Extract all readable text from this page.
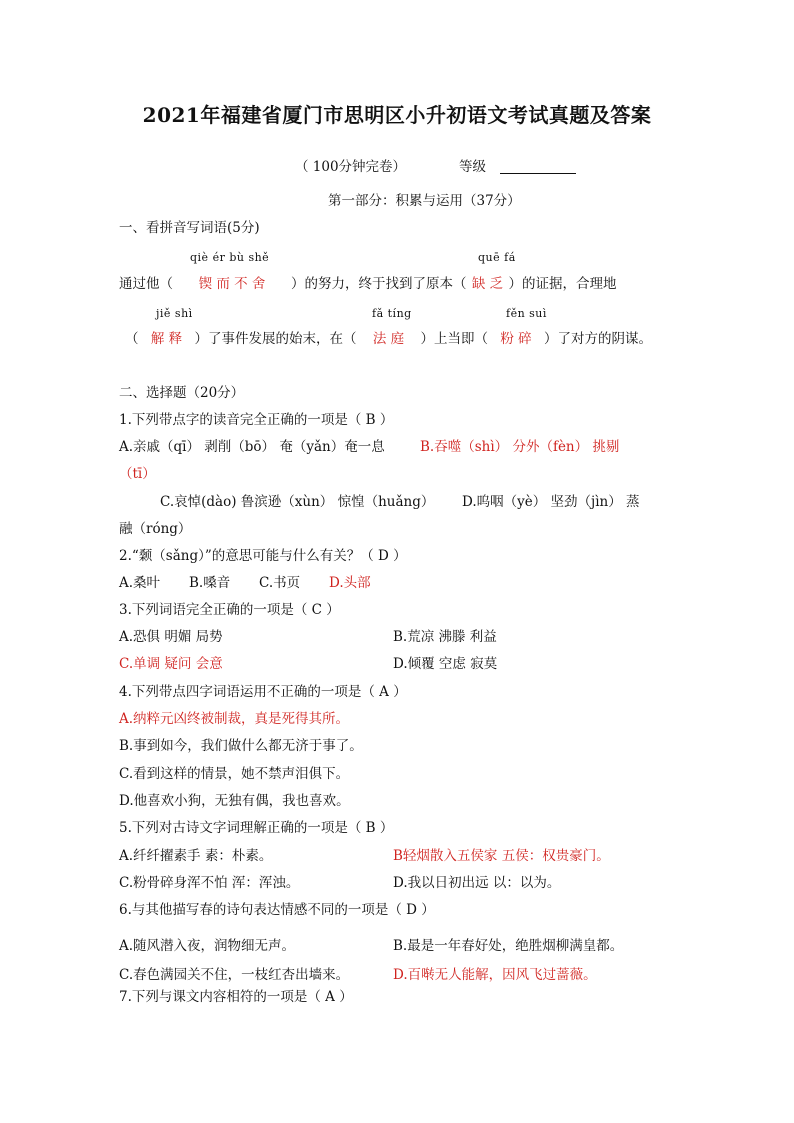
2021年福建省厦门市思明区小升初语文考试真题及答案
（ 100分钟完卷）	等级
第一部分：积累与运用（37分）
一、看拼音写词语(5分)
qiè ér bù shě	quē fá
通过他（ 锲 而 不 舍 ）的努力，终于找到了原本（ 缺 乏 ）的证据，合理地
jiě shì	fǎ tíng	fěn suì
（ 解 释 ）了事件发展的始末，在（ 法 庭 ）上当即（ 粉 碎 ）了对方的阴谋。
二、选择题（20分）
1.下列带点字的读音完全正确的一项是（ B ）
A.亲戚（qī） 剥削（bō） 奄（yǎn）奄一息	B.吞噬（shì） 分外（fèn） 挑剔
（tī）
C.哀悼(dào) 鲁滨逊（xùn） 惊惶（huǎng） D.呜咽（yè） 坚劲（jìn） 蒸
融（róng）
2.“颡（sǎng）”的意思可能与什么有关？（ D ）
A.桑叶 B.嗓音 C.书页 D.头部
3.下列词语完全正确的一项是（ C ）
A.恐俱 明媚 局势	B.荒凉 沸滕 利益
C.单调 疑问 会意	D.倾覆 空虑 寂莫
4.下列带点四字词语运用不正确的一项是（ A ）
A.纳粹元凶终被制裁，真是死得其所。
B.事到如今，我们做什么都无济于事了。
C.看到这样的情景，她不禁声泪俱下。
D.他喜欢小狗，无独有偶，我也喜欢。
5.下列对古诗文字词理解正确的一项是（ B ）
A.纤纤擢素手 素：朴素。	B轻烟散入五侯家 五侯：权贵豪门。
C.粉骨碎身浑不怕 浑：浑浊。	D.我以日初出远 以：以为。
6.与其他描写春的诗句表达情感不同的一项是（ D ）
A.随风潜入夜，润物细无声。	B.最是一年春好处，绝胜烟柳满皇都。
C.春色满园关不住，一枝红杏出墙来。	D.百啭无人能解，因风飞过蔷薇。
7.下列与课文内容相符的一项是（ A ）
